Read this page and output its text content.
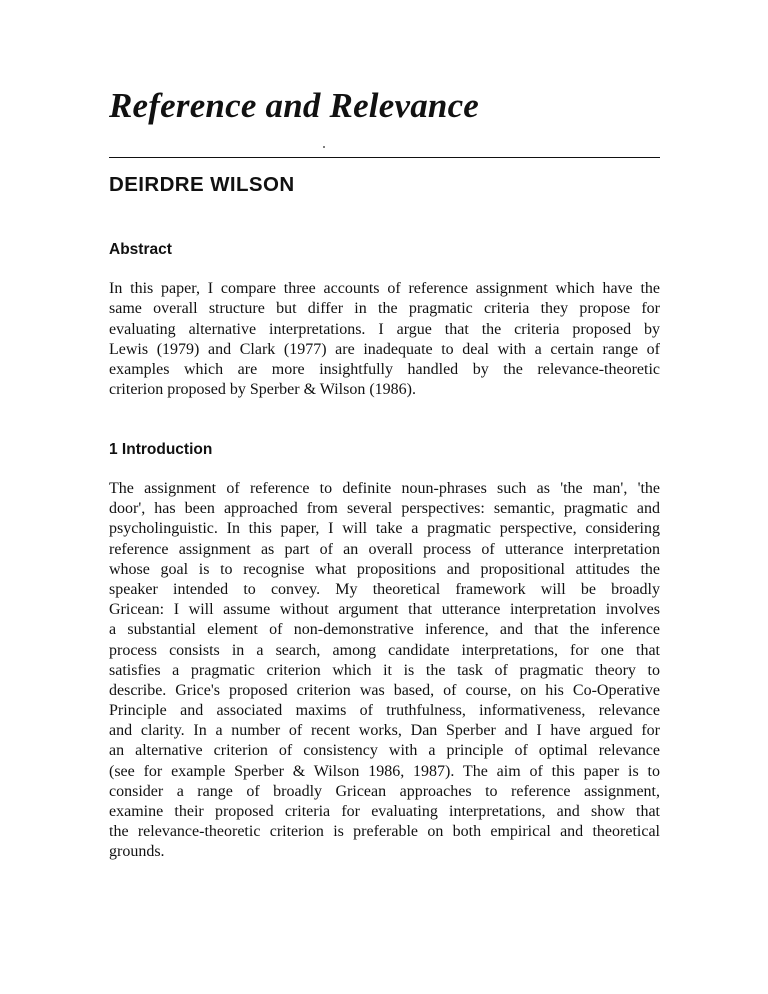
Reference and Relevance
DEIRDRE WILSON
Abstract
In this paper, I compare three accounts of reference assignment which have the
same overall structure but differ in the pragmatic criteria they propose for
evaluating alternative interpretations. I argue that the criteria proposed by
Lewis (1979) and Clark (1977) are inadequate to deal with a certain range of
examples which are more insightfully handled by the relevance-theoretic
criterion proposed by Sperber & Wilson (1986).
1 Introduction
The assignment of reference to definite noun-phrases such as 'the man', 'the
door', has been approached from several perspectives: semantic, pragmatic and
psycholinguistic. In this paper, I will take a pragmatic perspective, considering
reference assignment as part of an overall process of utterance interpretation
whose goal is to recognise what propositions and propositional attitudes the
speaker intended to convey. My theoretical framework will be broadly
Gricean: I will assume without argument that utterance interpretation involves
a substantial element of non-demonstrative inference, and that the inference
process consists in a search, among candidate interpretations, for one that
satisfies a pragmatic criterion which it is the task of pragmatic theory to
describe. Grice's proposed criterion was based, of course, on his Co-Operative
Principle and associated maxims of truthfulness, informativeness, relevance
and clarity. In a number of recent works, Dan Sperber and I have argued for
an alternative criterion of consistency with a principle of optimal relevance
(see for example Sperber & Wilson 1986, 1987). The aim of this paper is to
consider a range of broadly Gricean approaches to reference assignment,
examine their proposed criteria for evaluating interpretations, and show that
the relevance-theoretic criterion is preferable on both empirical and theoretical
grounds.
